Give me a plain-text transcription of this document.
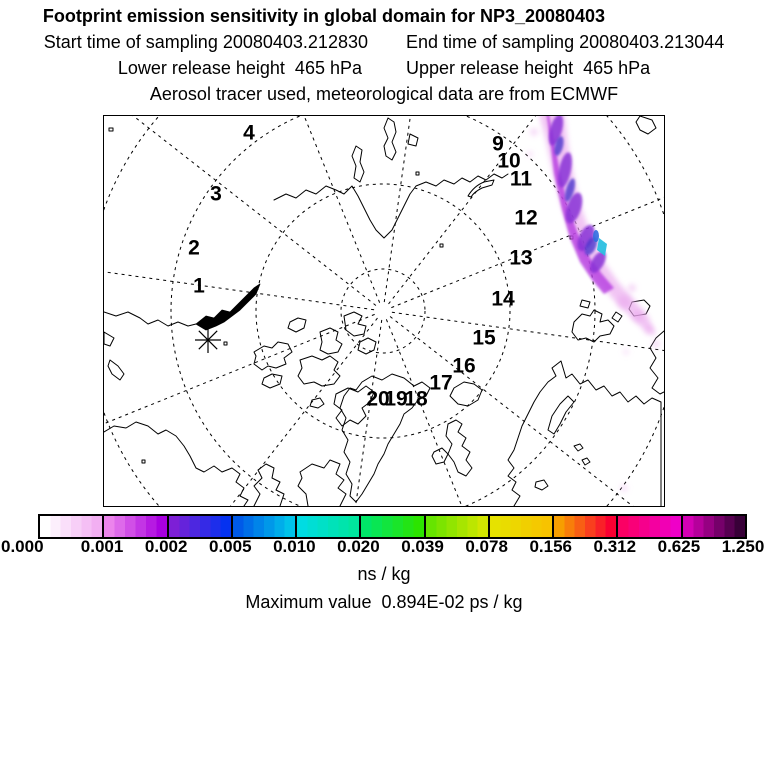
Footprint emission sensitivity in global domain for NP3_20080403
Start time of sampling 20080403.212830 End time of sampling 20080403.213044
Lower release height  465 hPa Upper release height  465 hPa
Aerosol tracer used, meteorological data are from ECMWF
1
2
3
4	9
10
11
12
13
14
15
16
17
18
19
20
0.000 0.001 0.002 0.005 0.010 0.020 0.039 0.078 0.156 0.312 0.625 1.250
ns / kg
Maximum value  0.894E-02 ps / kg
